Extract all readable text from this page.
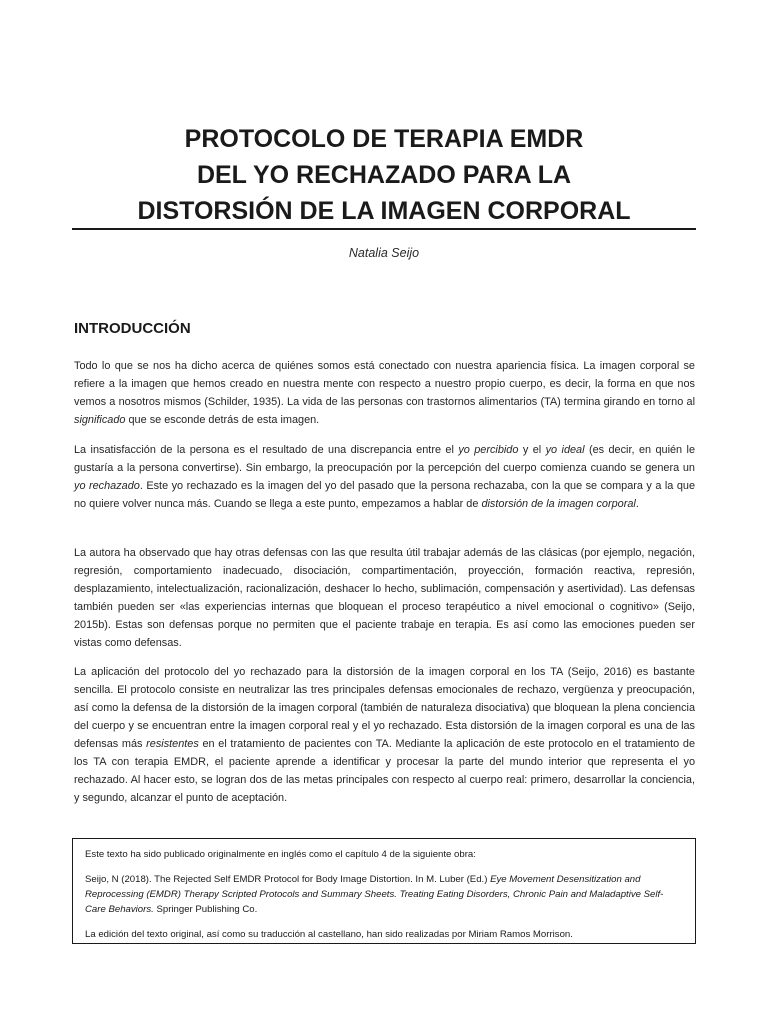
PROTOCOLO DE TERAPIA EMDR
DEL YO RECHAZADO PARA LA
DISTORSIÓN DE LA IMAGEN CORPORAL
Natalia Seijo
INTRODUCCIÓN

Todo lo que se nos ha dicho acerca de quiénes somos está conectado con nuestra apariencia física. La imagen corporal se refiere a la imagen que hemos creado en nuestra mente con respecto a nuestro propio cuerpo, es decir, la forma en que nos vemos a nosotros mismos (Schilder, 1935). La vida de las personas con trastornos alimentarios (TA) termina girando en torno al significado que se esconde detrás de esta imagen.

La insatisfacción de la persona es el resultado de una discrepancia entre el yo percibido y el yo ideal (es decir, en quién le gustaría a la persona convertirse). Sin embargo, la preocupación por la percepción del cuerpo comienza cuando se genera un yo rechazado. Este yo rechazado es la imagen del yo del pasado que la persona rechazaba, con la que se compara y a la que no quiere volver nunca más. Cuando se llega a este punto, empezamos a hablar de distorsión de la imagen corporal.

La autora ha observado que hay otras defensas con las que resulta útil trabajar además de las clásicas (por ejemplo, negación, regresión, comportamiento inadecuado, disociación, compartimentación, proyección, formación reactiva, represión, desplazamiento, intelectualización, racionalización, deshacer lo hecho, sublimación, compensación y asertividad). Las defensas también pueden ser «las experiencias internas que bloquean el proceso terapéutico a nivel emocional o cognitivo» (Seijo, 2015b). Estas son defensas porque no permiten que el paciente trabaje en terapia. Es así como las emociones pueden ser vistas como defensas.

La aplicación del protocolo del yo rechazado para la distorsión de la imagen corporal en los TA (Seijo, 2016) es bastante sencilla. El protocolo consiste en neutralizar las tres principales defensas emocionales de rechazo, vergüenza y preocupación, así como la defensa de la distorsión de la imagen corporal (también de naturaleza disociativa) que bloquean la plena conciencia del cuerpo y se encuentran entre la imagen corporal real y el yo rechazado. Esta distorsión de la imagen corporal es una de las defensas más resistentes en el tratamiento de pacientes con TA. Mediante la aplicación de este protocolo en el tratamiento de los TA con terapia EMDR, el paciente aprende a identificar y procesar la parte del mundo interior que representa el yo rechazado. Al hacer esto, se logran dos de las metas principales con respecto al cuerpo real: primero, desarrollar la conciencia, y segundo, alcanzar el punto de aceptación.

Este texto ha sido publicado originalmente en inglés como el capítulo 4 de la siguiente obra:

Seijo, N (2018). The Rejected Self EMDR Protocol for Body Image Distortion. In M. Luber (Ed.) Eye Movement Desensitization and Reprocessing (EMDR) Therapy Scripted Protocols and Summary Sheets. Treating Eating Disorders, Chronic Pain and Maladaptive Self-Care Behaviors. Springer Publishing Co.

La edición del texto original, así como su traducción al castellano, han sido realizadas por Miriam Ramos Morrison.
